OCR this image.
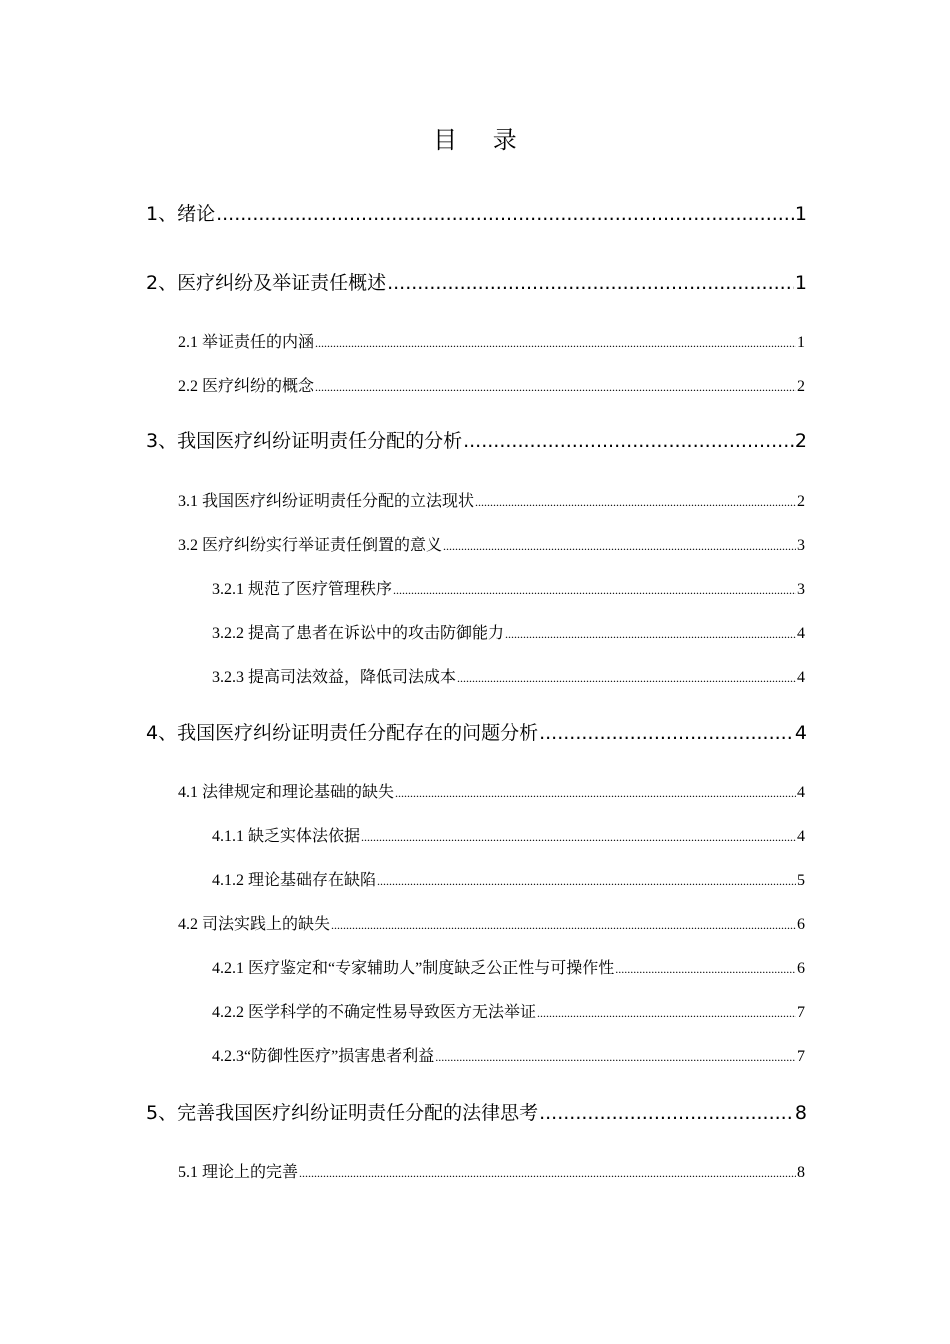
目 录
1、绪论 .....	1
2、医疗纠纷及举证责任概述 .....	1
2.1 举证责任的内涵 .....	1
2.2 医疗纠纷的概念 .....	2
3、我国医疗纠纷证明责任分配的分析 .....	2
3.1 我国医疗纠纷证明责任分配的立法现状 .....	2
3.2 医疗纠纷实行举证责任倒置的意义 .....	3
3.2.1 规范了医疗管理秩序 .....	3
3.2.2 提高了患者在诉讼中的攻击防御能力 .....	4
3.2.3 提高司法效益，降低司法成本 .....	4
4、我国医疗纠纷证明责任分配存在的问题分析 .....	4
4.1 法律规定和理论基础的缺失 .....	4
4.1.1 缺乏实体法依据 .....	4
4.1.2 理论基础存在缺陷 .....	5
4.2 司法实践上的缺失 .....	6
4.2.1 医疗鉴定和“专家辅助人”制度缺乏公正性与可操作性 .....	6
4.2.2 医学科学的不确定性易导致医方无法举证 .....	7
4.2.3“防御性医疗”损害患者利益 .....	7
5、完善我国医疗纠纷证明责任分配的法律思考 .....	8
5.1 理论上的完善 .....	8
